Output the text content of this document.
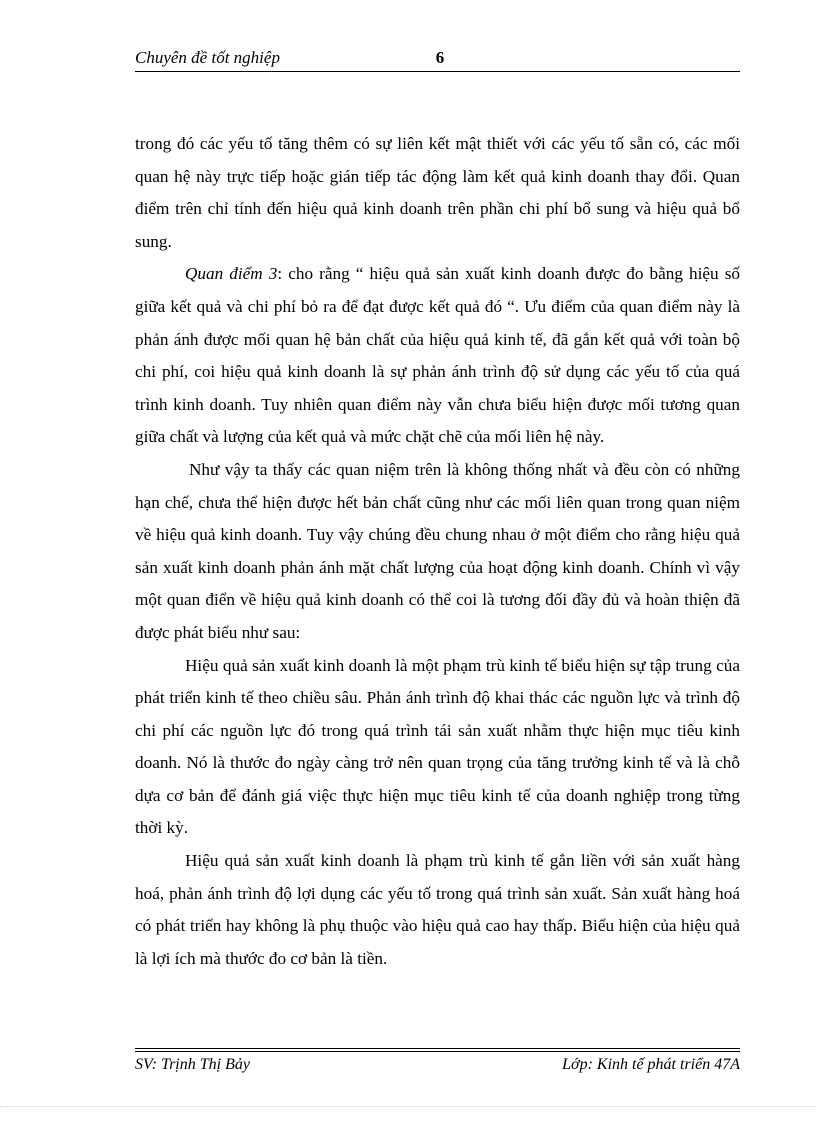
Chuyên đề tốt nghiệp	6

trong đó các yếu tố tăng thêm có sự liên kết mật thiết với các yếu tố sẵn có, các mối quan hệ này trực tiếp hoặc gián tiếp tác động làm kết quả kinh doanh thay đổi. Quan điểm trên chỉ tính đến hiệu quả kinh doanh trên phần chi phí bổ sung và hiệu quả bổ sung.

Quan điểm 3: cho rằng “ hiệu quả sản xuất kinh doanh được đo bằng hiệu số giữa kết quả và chi phí bỏ ra để đạt được kết quả đó “. Ưu điểm của quan điểm này là phản ánh được mối quan hệ bản chất của hiệu quả kinh tế, đã gắn kết quả với toàn bộ chi phí, coi hiệu quả kinh doanh là sự phản ánh trình độ sử dụng các yếu tố của quá trình kinh doanh. Tuy nhiên quan điểm này vẫn chưa biểu hiện được mối tương quan giữa chất và lượng của kết quả và mức chặt chẽ của mối liên hệ này.

Như vậy ta thấy các quan niệm trên là không thống nhất và đều còn có những hạn chế, chưa thể hiện được hết bản chất cũng như các mối liên quan trong quan niệm về hiệu quả kinh doanh. Tuy vậy chúng đều chung nhau ở một điểm cho rằng hiệu quả sản xuất kinh doanh phản ánh mặt chất lượng của hoạt động kinh doanh. Chính vì vậy một quan điển về hiệu quả kinh doanh có thể coi là tương đối đầy đủ và hoàn thiện đã được phát biểu như sau:

Hiệu quả sản xuất kinh doanh là một phạm trù kinh tế biểu hiện sự tập trung của phát triển kinh tế theo chiều sâu. Phản ánh trình độ khai thác các nguồn lực và trình độ chi phí các nguồn lực đó trong quá trình tái sản xuất nhằm thực hiện mục tiêu kinh doanh. Nó là thước đo ngày càng trở nên quan trọng của tăng trưởng kinh tế và là chỗ dựa cơ bản để đánh giá việc thực hiện mục tiêu kinh tế của doanh nghiệp trong từng thời kỳ.

Hiệu quả sản xuất kinh doanh là phạm trù kinh tế gắn liền với sản xuất hàng hoá, phản ánh trình độ lợi dụng các yếu tố trong quá trình sản xuất. Sản xuất hàng hoá có phát triển hay không là phụ thuộc vào hiệu quả cao hay thấp. Biểu hiện của hiệu quả là lợi ích mà thước đo cơ bản là tiền.

SV: Trịnh Thị Bảy	Lớp: Kinh tế phát triển 47A
